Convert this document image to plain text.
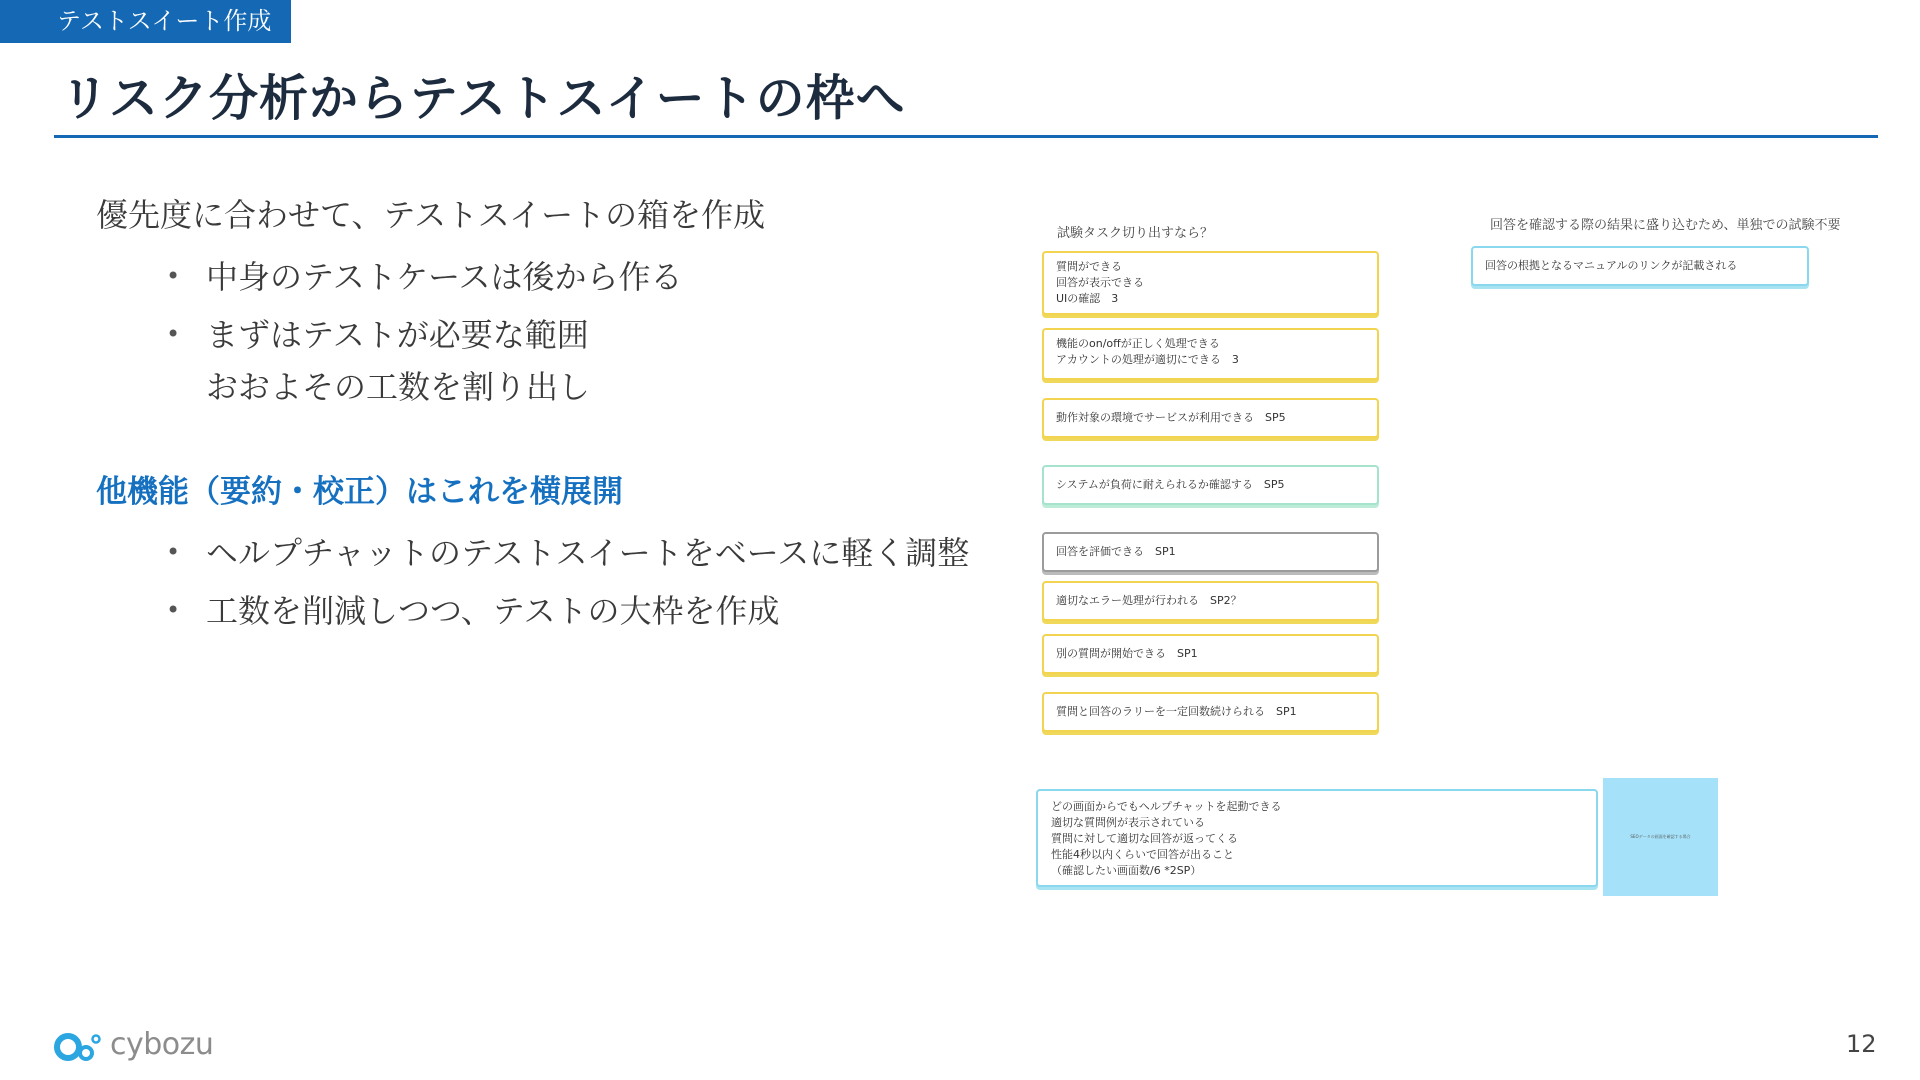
テストスイート作成
リスク分析からテストスイートの枠へ
優先度に合わせて、テストスイートの箱を作成
• 中身のテストケースは後から作る
• まずはテストが必要な範囲
おおよその工数を割り出し
他機能（要約・校正）はこれを横展開
• ヘルプチャットのテストスイートをベースに軽く調整
• 工数を削減しつつ、テストの大枠を作成
試験タスク切り出すなら？
回答を確認する際の結果に盛り込むため、単独での試験不要
質問ができる
回答が表示できる
UIの確認　3
機能のon/offが正しく処理できる
アカウントの処理が適切にできる　3
動作対象の環境でサービスが利用できる　SP5
システムが負荷に耐えられるか確認する　SP5
回答を評価できる　SP1
適切なエラー処理が行われる　SP2？
別の質問が開始できる　SP1
質問と回答のラリーを一定回数続けられる　SP1
回答の根拠となるマニュアルのリンクが記載される
どの画面からでもヘルプチャットを起動できる
適切な質問例が表示されている
質問に対して適切な回答が返ってくる
性能4秒以内くらいで回答が出ること
（確認したい画面数/6 *2SP）
SEOデータの画面を確認する場合
cybozu	12
